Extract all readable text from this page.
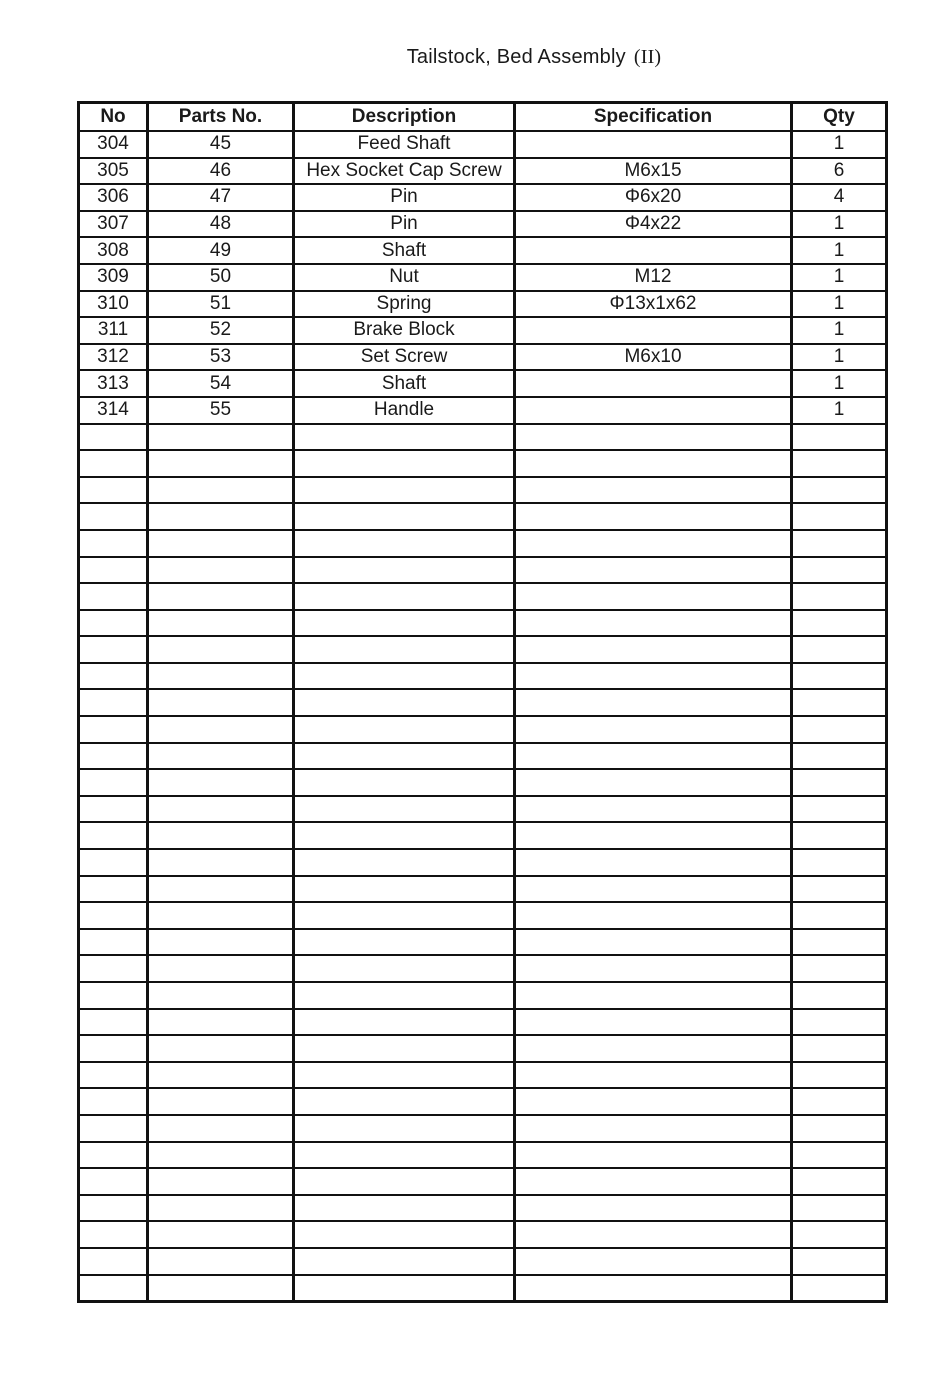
Tailstock, Bed Assembly (II)
No	Parts No.	Description	Specification	Qty
304	45	Feed Shaft		1
305	46	Hex Socket Cap Screw	M6x15	6
306	47	Pin	Φ6x20	4
307	48	Pin	Φ4x22	1
308	49	Shaft		1
309	50	Nut	M12	1
310	51	Spring	Φ13x1x62	1
311	52	Brake Block		1
312	53	Set Screw	M6x10	1
313	54	Shaft		1
314	55	Handle		1
